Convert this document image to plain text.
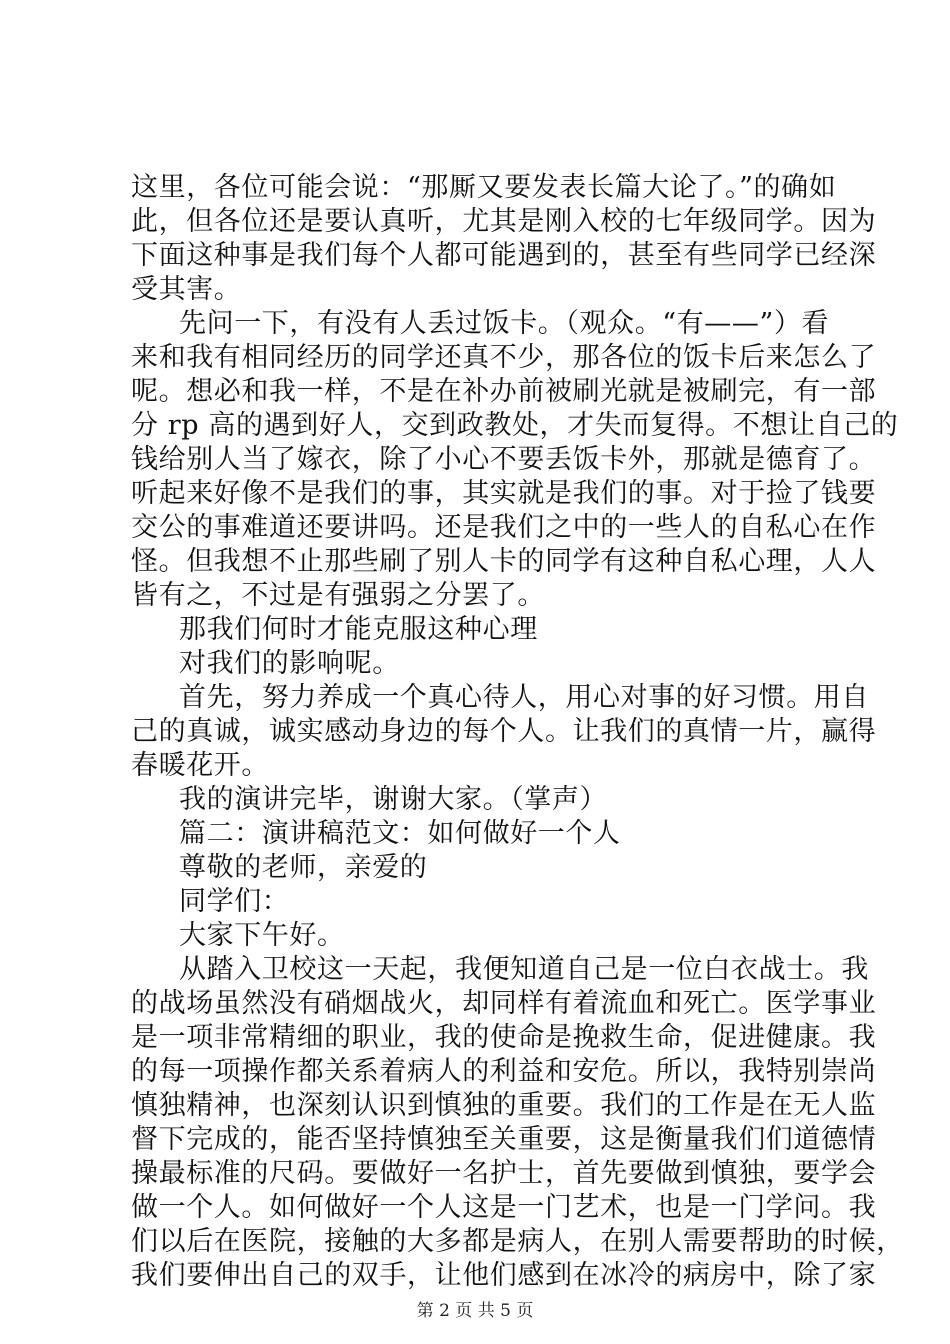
这里，各位可能会说：“那厮又要发表长篇大论了。”的确如
此，但各位还是要认真听，尤其是刚入校的七年级同学。因为
下面这种事是我们每个人都可能遇到的，甚至有些同学已经深
受其害。
先问一下，有没有人丢过饭卡。（观众。“有——”）看
来和我有相同经历的同学还真不少，那各位的饭卡后来怎么了
呢。想必和我一样，不是在补办前被刷光就是被刷完，有一部
分 rp 高的遇到好人，交到政教处，才失而复得。不想让自己的
钱给别人当了嫁衣，除了小心不要丢饭卡外，那就是德育了。
听起来好像不是我们的事，其实就是我们的事。对于捡了钱要
交公的事难道还要讲吗。还是我们之中的一些人的自私心在作
怪。但我想不止那些刷了别人卡的同学有这种自私心理，人人
皆有之，不过是有强弱之分罢了。
那我们何时才能克服这种心理
对我们的影响呢。
首先，努力养成一个真心待人，用心对事的好习惯。用自
己的真诚，诚实感动身边的每个人。让我们的真情一片，赢得
春暖花开。
我的演讲完毕，谢谢大家。（掌声）
篇二：演讲稿范文：如何做好一个人
尊敬的老师，亲爱的
同学们：
大家下午好。
从踏入卫校这一天起，我便知道自己是一位白衣战士。我
的战场虽然没有硝烟战火，却同样有着流血和死亡。医学事业
是一项非常精细的职业，我的使命是挽救生命，促进健康。我
的每一项操作都关系着病人的利益和安危。所以，我特别崇尚
慎独精神，也深刻认识到慎独的重要。我们的工作是在无人监
督下完成的，能否坚持慎独至关重要，这是衡量我们们道德情
操最标准的尺码。要做好一名护士，首先要做到慎独，要学会
做一个人。如何做好一个人这是一门艺术，也是一门学问。我
们以后在医院，接触的大多都是病人，在别人需要帮助的时候，
我们要伸出自己的双手，让他们感到在冰冷的病房中，除了家
第 2 页 共 5 页
